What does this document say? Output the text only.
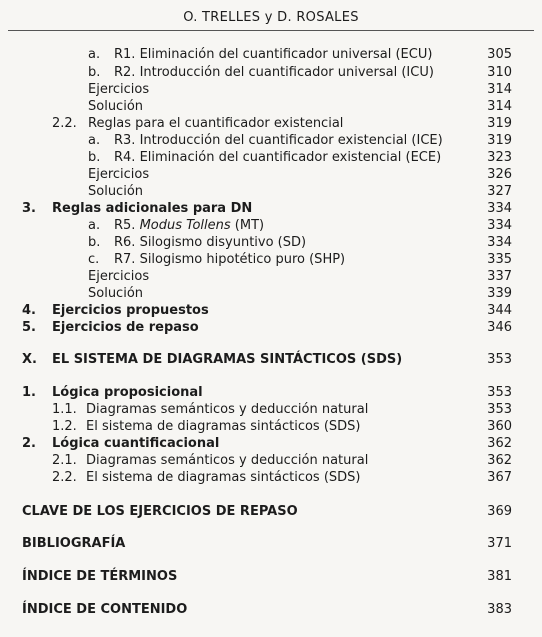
O. TRELLES y D. ROSALES
a. R1. Eliminación del cuantificador universal (ECU)	305
b. R2. Introducción del cuantificador universal (ICU)	310
Ejercicios	314
Solución	314
2.2. Reglas para el cuantificador existencial	319
a. R3. Introducción del cuantificador existencial (ICE)	319
b. R4. Eliminación del cuantificador existencial (ECE)	323
Ejercicios	326
Solución	327
3. Reglas adicionales para DN	334
a. R5. Modus Tollens (MT)	334
b. R6. Silogismo disyuntivo (SD)	334
c. R7. Silogismo hipotético puro (SHP)	335
Ejercicios	337
Solución	339
4. Ejercicios propuestos	344
5. Ejercicios de repaso	346
X. EL SISTEMA DE DIAGRAMAS SINTÁCTICOS (SDS)	353
1. Lógica proposicional	353
1.1. Diagramas semánticos y deducción natural	353
1.2. El sistema de diagramas sintácticos (SDS)	360
2. Lógica cuantificacional	362
2.1. Diagramas semánticos y deducción natural	362
2.2. El sistema de diagramas sintácticos (SDS)	367
CLAVE DE LOS EJERCICIOS DE REPASO	369
BIBLIOGRAFÍA	371
ÍNDICE DE TÉRMINOS	381
ÍNDICE DE CONTENIDO	383
